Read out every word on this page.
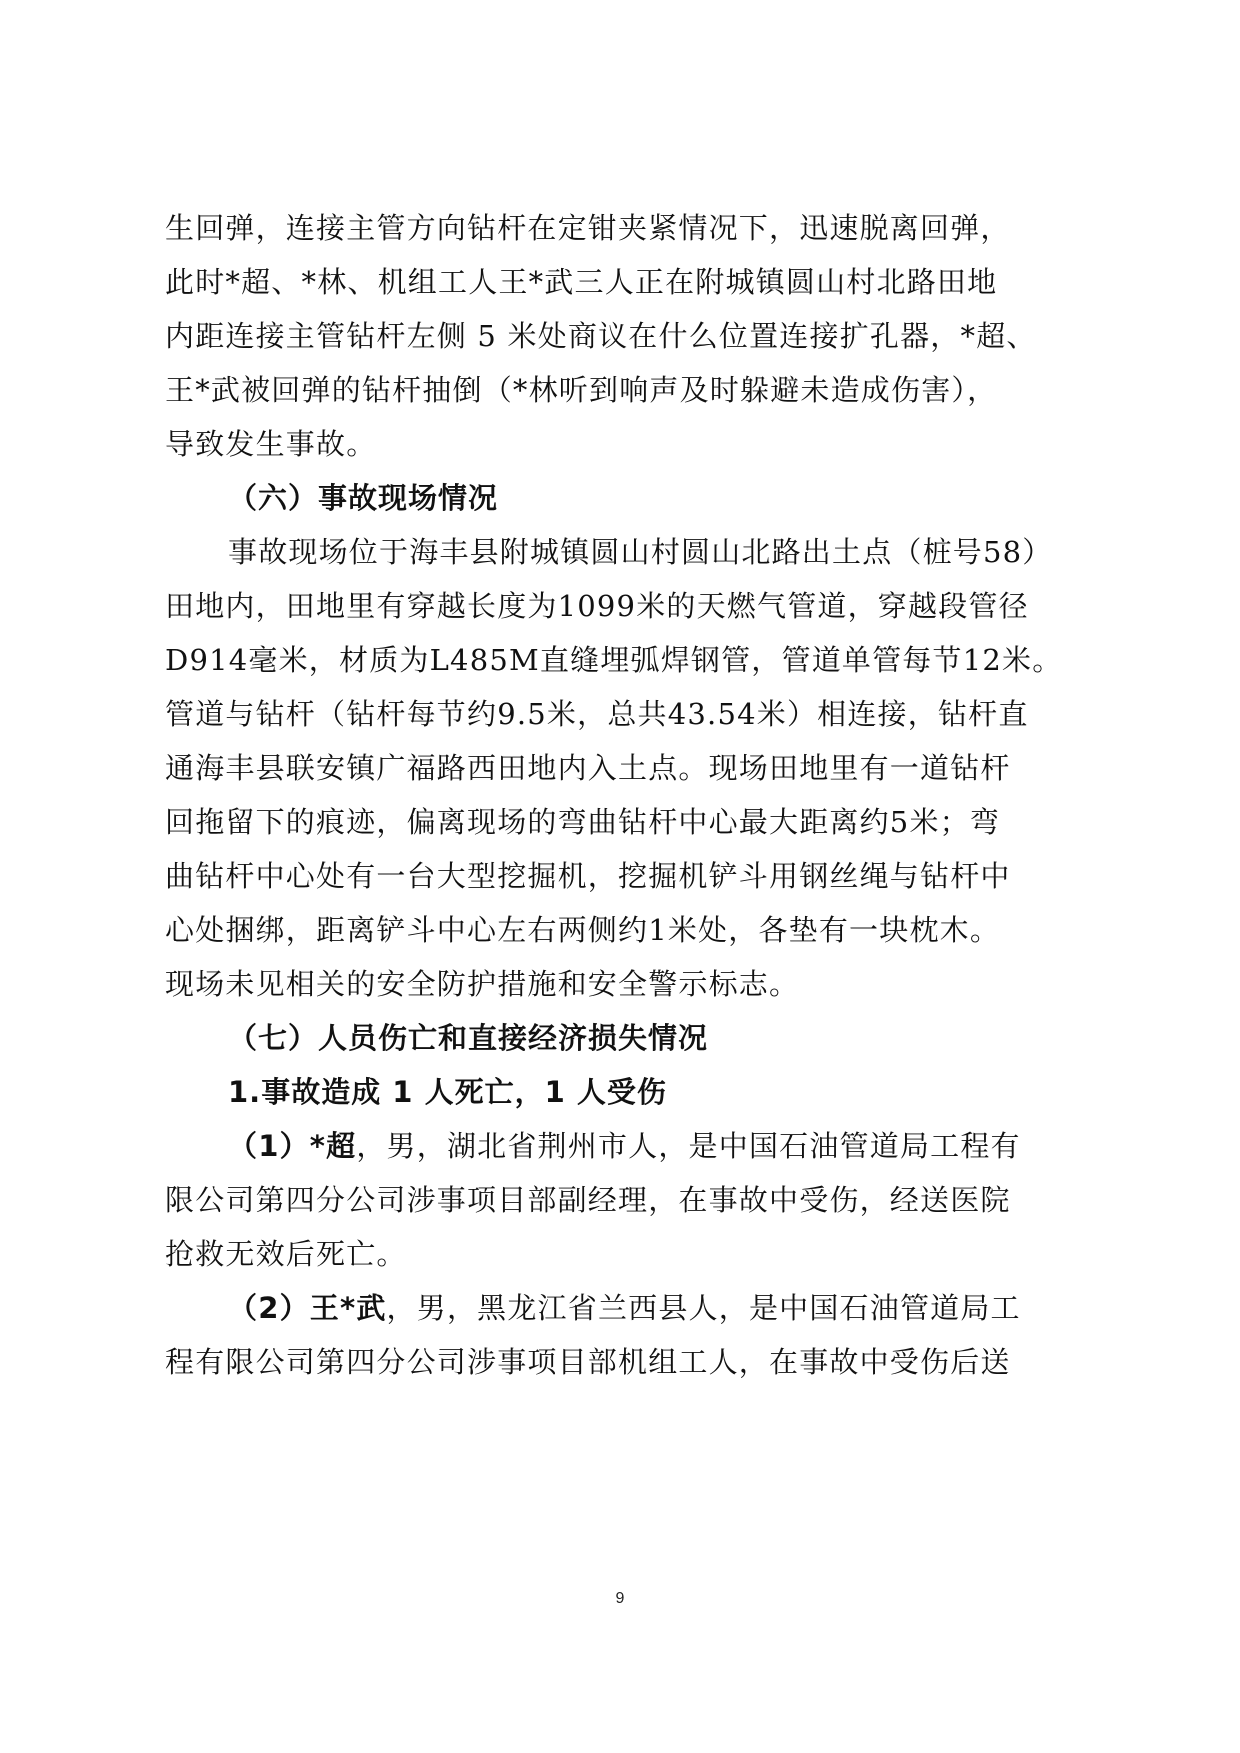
生回弹，连接主管方向钻杆在定钳夹紧情况下，迅速脱离回弹，
此时*超、*林、机组工人王*武三人正在附城镇圆山村北路田地
内距连接主管钻杆左侧 5 米处商议在什么位置连接扩孔器，*超、
王*武被回弹的钻杆抽倒（*林听到响声及时躲避未造成伤害），
导致发生事故。
（六）事故现场情况
事故现场位于海丰县附城镇圆山村圆山北路出土点（桩号58）
田地内，田地里有穿越长度为1099米的天燃气管道，穿越段管径
D914毫米，材质为L485M直缝埋弧焊钢管，管道单管每节12米。
管道与钻杆（钻杆每节约9.5米，总共43.54米）相连接，钻杆直
通海丰县联安镇广福路西田地内入土点。现场田地里有一道钻杆
回拖留下的痕迹，偏离现场的弯曲钻杆中心最大距离约5米；弯
曲钻杆中心处有一台大型挖掘机，挖掘机铲斗用钢丝绳与钻杆中
心处捆绑，距离铲斗中心左右两侧约1米处，各垫有一块枕木。
现场未见相关的安全防护措施和安全警示标志。
（七）人员伤亡和直接经济损失情况
1.事故造成 1 人死亡，1 人受伤
（1）*超，男，湖北省荆州市人，是中国石油管道局工程有
限公司第四分公司涉事项目部副经理，在事故中受伤，经送医院
抢救无效后死亡。
（2）王*武，男，黑龙江省兰西县人，是中国石油管道局工
程有限公司第四分公司涉事项目部机组工人，在事故中受伤后送
9
